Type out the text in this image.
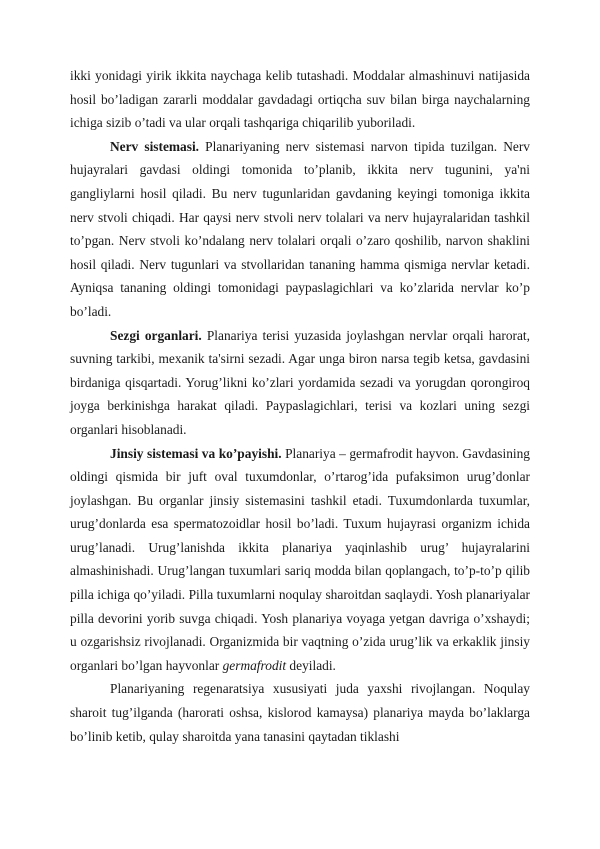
ikki yonidagi yirik ikkita naychaga kelib tutashadi. Moddalar almashinuvi natijasida hosil bo’ladigan zararli moddalar gavdadagi ortiqcha suv bilan birga naychalarning ichiga sizib o’tadi va ular orqali tashqariga chiqarilib yuboriladi.

Nerv sistemasi. Planariyaning nerv sistemasi narvon tipida tuzilgan. Nerv hujayralari gavdasi oldingi tomonida to’planib, ikkita nerv tugunini, ya'ni gangliylarni hosil qiladi. Bu nerv tugunlaridan gavdaning keyingi tomoniga ikkita nerv stvoli chiqadi. Har qaysi nerv stvoli nerv tolalari va nerv hujayralaridan tashkil to’pgan. Nerv stvoli ko’ndalang nerv tolalari orqali o’zaro qoshilib, narvon shaklini hosil qiladi. Nerv tugunlari va stvollaridan tananing hamma qismiga nervlar ketadi. Ayniqsa tananing oldingi tomonidagi paypaslagichlari va ko’zlarida nervlar ko’p bo’ladi.

Sezgi organlari. Planariya terisi yuzasida joylashgan nervlar orqali harorat, suvning tarkibi, mexanik ta'sirni sezadi. Agar unga biron narsa tegib ketsa, gavdasini birdaniga qisqartadi. Yorug’likni ko’zlari yordamida sezadi va yorugdan qorongiroq joyga berkinishga harakat qiladi. Paypaslagichlari, terisi va kozlari uning sezgi organlari hisoblanadi.

Jinsiy sistemasi va ko’payishi. Planariya – germafrodit hayvon. Gavdasining oldingi qismida bir juft oval tuxumdonlar, o’rtarog’ida pufaksimon urug’donlar joylashgan. Bu organlar jinsiy sistemasini tashkil etadi. Tuxumdonlarda tuxumlar, urug’donlarda esa spermatozoidlar hosil bo’ladi. Tuxum hujayrasi organizm ichida urug’lanadi. Urug’lanishda ikkita planariya yaqinlashib urug’ hujayralarini almashinishadi. Urug’langan tuxumlari sariq modda bilan qoplangach, to’p-to’p qilib pilla ichiga qo’yiladi. Pilla tuxumlarni noqulay sharoitdan saqlaydi. Yosh planariyalar pilla devorini yorib suvga chiqadi. Yosh planariya voyaga yetgan davriga o’xshaydi; u ozgarishsiz rivojlanadi. Organizmida bir vaqtning o’zida urug’lik va erkaklik jinsiy organlari bo’lgan hayvonlar germafrodit deyiladi.

Planariyaning regenaratsiya xususiyati juda yaxshi rivojlangan. Noqulay sharoit tug’ilganda (harorati oshsa, kislorod kamaysa) planariya mayda bo’laklarga bo’linib ketib, qulay sharoitda yana tanasini qaytadan tiklashi
